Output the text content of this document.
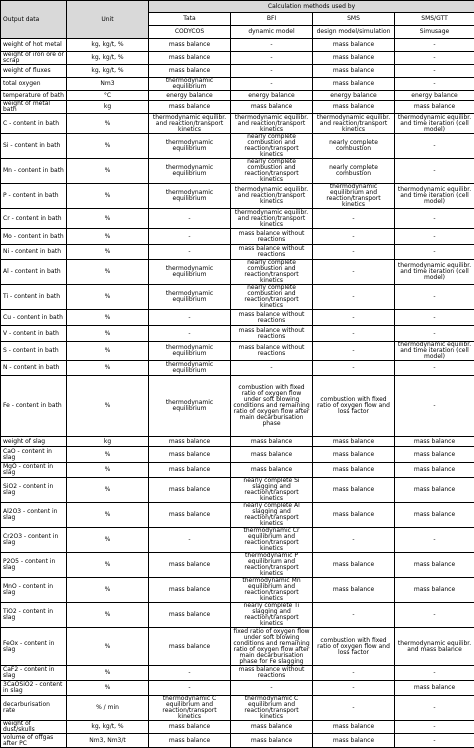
Output data	Unit	Calculation methods used by			
		Tata	BFI	SMS	SMS/GTT
		CODYCOS	dynamic model	design model/simulation	Simusage
weight of hot metal	kg, kg/t, %	mass balance	-	mass balance	-
weight of iron ore or scrap	kg, kg/t, %	mass balance	-	mass balance	-
weight of fluxes	kg, kg/t, %	mass balance	-	mass balance	-
total oxygen	Nm3	thermodynamic equilibrium	-	mass balance	-
temperature of bath	°C	energy balance	energy balance	energy balance	energy balance
weight of metal bath	kg	mass balance	mass balance	mass balance	mass balance
C - content in bath	%	thermodynamic equilibr. and reaction/transport kinetics	thermodynamic equilibr. and reaction/transport kinetics	thermodynamic equilibr. and reaction/transport kinetics	thermodynamic equilibr. and time iteration (cell model)
Si - content in bath	%	thermodynamic equilibrium	nearly complete combustion and reaction/transport kinetics	nearly complete combustion	-
Mn - content in bath	%	thermodynamic equilibrium	nearly complete combustion and reaction/transport kinetics	nearly complete combustion	-
P - content in bath	%	thermodynamic equilibrium	thermodynamic equilibr. and reaction/transport kinetics	thermodynamic equilibrium and reaction/transport kinetics	thermodynamic equilibr. and time iteration (cell model)
Cr - content in bath	%	-	thermodynamic equilibr. and reaction/transport kinetics	-	-
Mo - content in bath	%	-	mass balance without reactions	-	-
Ni - content in bath	%	-	mass balance without reactions	-	-
Al - content in bath	%	thermodynamic equilibrium	nearly complete combustion and reaction/transport kinetics	-	thermodynamic equilibr. and time iteration (cell model)
Ti - content in bath	%	thermodynamic equilibrium	nearly complete combustion and reaction/transport kinetics	-	-
Cu - content in bath	%	-	mass balance without reactions	-	-
V - content in bath	%	-	mass balance without reactions	-	-
S - content in bath	%	thermodynamic equilibrium	mass balance without reactions	-	thermodynamic equilibr. and time iteration (cell model)
N - content in bath	%	thermodynamic equilibrium	-	-	-
Fe - content in bath	%	thermodynamic equilibrium	combustion with fixed ratio of oxygen flow under soft blowing conditions and remaining ratio of oxygen flow after main decarburisation phase	combustion with fixed ratio of oxygen flow and loss factor	-
weight of slag	kg	mass balance	mass balance	mass balance	mass balance
CaO - content in slag	%	mass balance	mass balance	mass balance	mass balance
MgO - content in slag	%	mass balance	mass balance	mass balance	mass balance
SiO2 - content in slag	%	mass balance	nearly complete Si slagging and reaction/transport kinetics	mass balance	mass balance
Al2O3 - content in slag	%	mass balance	nearly complete Al slagging and reaction/transport kinetics	mass balance	mass balance
Cr2O3 - content in slag	%	-	thermodynamic Cr equilibrium and reaction/transport kinetics	-	-
P2O5 - content in slag	%	mass balance	thermodynamic P equilibrium and reaction/transport kinetics	mass balance	mass balance
MnO - content in slag	%	mass balance	thermodynamic Mn equilibrium and reaction/transport kinetics	mass balance	mass balance
TiO2 - content in slag	%	mass balance	nearly complete Ti slagging and reaction/transport kinetics	-	-
FeOx - content in slag	%	mass balance	fixed ratio of oxygen flow under soft blowing conditions and remaining ratio of oxygen flow after main decarburisation phase for Fe slagging	combustion with fixed ratio of oxygen flow and loss factor	thermodynamic equilibr. and mass balance
CaF2 - content in slag	%	-	mass balance without reactions	-	-
3CaOSiO2 - content in slag	%	-	-	-	mass balance
decarburisation rate	% / min	thermodynamic C equilibrium and reaction/transport kinetics	thermodynamic C equilibrium and reaction/transport kinetics	-	-
weight of dust/skulls	kg, kg/t, %	mass balance	mass balance	mass balance	-
volume of offgas after PC	Nm3, Nm3/t	mass balance	mass balance	mass balance	-
